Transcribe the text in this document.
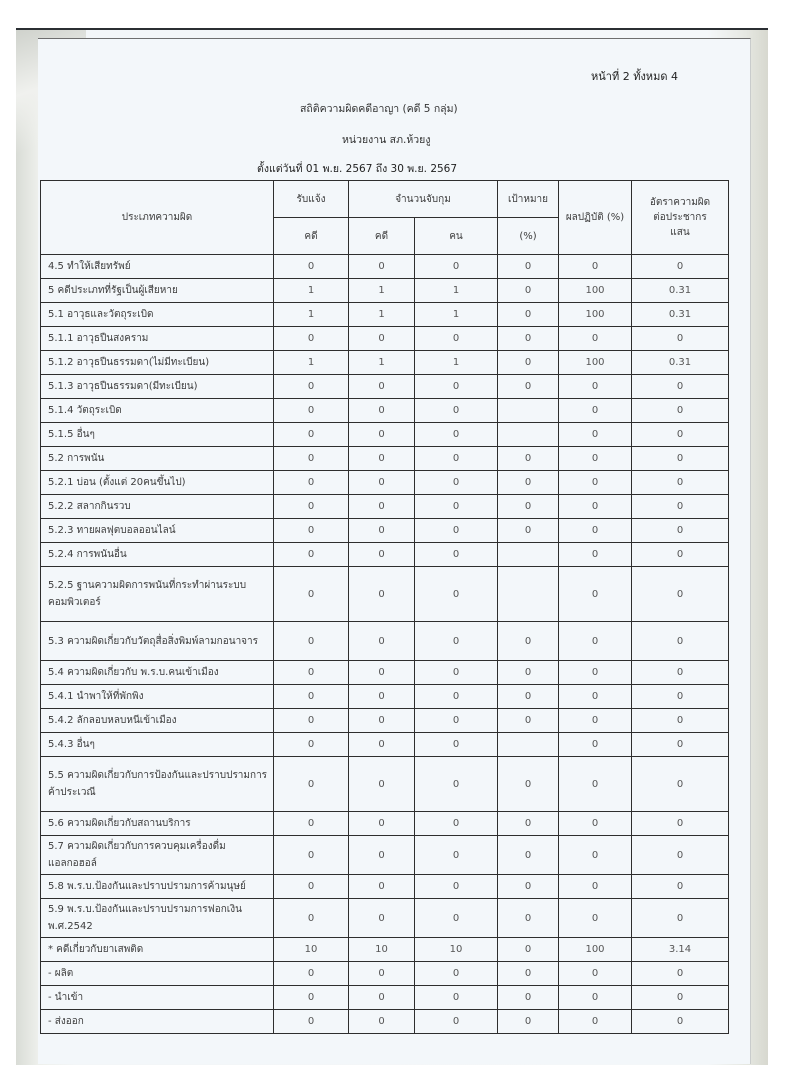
หน้าที่ 2 ทั้งหมด 4
สถิติความผิดคดีอาญา (คดี 5 กลุ่ม)
หน่วยงาน สภ.ห้วยงู
ตั้งแต่วันที่ 01 พ.ย. 2567 ถึง 30 พ.ย. 2567
ประเภทความผิด	รับแจ้ง	จำนวนจับกุม		เป้าหมาย	ผลปฏิบัติ (%)	อัตราความผิดต่อประชากรแสน
	คดี	คดี	คน	(%)		
4.5 ทำให้เสียทรัพย์	0	0	0	0	0	0
5 คดีประเภทที่รัฐเป็นผู้เสียหาย	1	1	1	0	100	0.31
5.1 อาวุธและวัตถุระเบิด	1	1	1	0	100	0.31
5.1.1 อาวุธปืนสงคราม	0	0	0	0	0	0
5.1.2 อาวุธปืนธรรมดา(ไม่มีทะเบียน)	1	1	1	0	100	0.31
5.1.3 อาวุธปืนธรรมดา(มีทะเบียน)	0	0	0	0	0	0
5.1.4 วัตถุระเบิด	0	0	0		0	0
5.1.5 อื่นๆ	0	0	0		0	0
5.2 การพนัน	0	0	0	0	0	0
5.2.1 บ่อน (ตั้งแต่ 20คนขึ้นไป)	0	0	0	0	0	0
5.2.2 สลากกินรวบ	0	0	0	0	0	0
5.2.3 ทายผลฟุตบอลออนไลน์	0	0	0	0	0	0
5.2.4 การพนันอื่น	0	0	0		0	0
5.2.5 ฐานความผิดการพนันที่กระทำผ่านระบบคอมพิวเตอร์	0	0	0		0	0
5.3 ความผิดเกี่ยวกับวัตถุสื่อสิ่งพิมพ์ลามกอนาจาร	0	0	0	0	0	0
5.4 ความผิดเกี่ยวกับ พ.ร.บ.คนเข้าเมือง	0	0	0	0	0	0
5.4.1 นำพาให้ที่พักพิง	0	0	0	0	0	0
5.4.2 ลักลอบหลบหนีเข้าเมือง	0	0	0	0	0	0
5.4.3 อื่นๆ	0	0	0		0	0
5.5 ความผิดเกี่ยวกับการป้องกันและปราบปรามการค้าประเวณี	0	0	0	0	0	0
5.6 ความผิดเกี่ยวกับสถานบริการ	0	0	0	0	0	0
5.7 ความผิดเกี่ยวกับการควบคุมเครื่องดื่มแอลกอฮอล์	0	0	0	0	0	0
5.8 พ.ร.บ.ป้องกันและปราบปรามการค้ามนุษย์	0	0	0	0	0	0
5.9 พ.ร.บ.ป้องกันและปราบปรามการฟอกเงิน พ.ศ.2542	0	0	0	0	0	0
* คดีเกี่ยวกับยาเสพติด	10	10	10	0	100	3.14
- ผลิต	0	0	0	0	0	0
- นำเข้า	0	0	0	0	0	0
- ส่งออก	0	0	0	0	0	0
